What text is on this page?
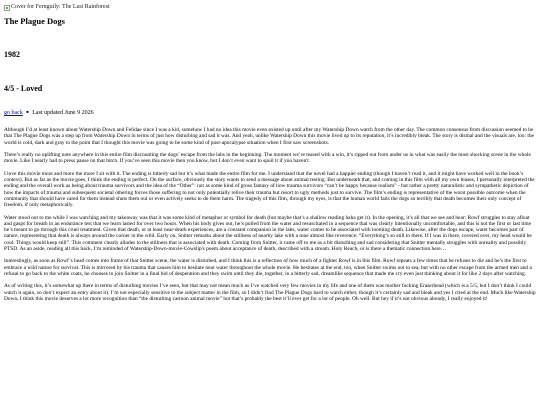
Cover for Fernguily: The Last Rainforest
The Plague Dogs
1982
4/5 - Loved
go back ■ Last updated June 9 2026

Although I’d at least known about Watership Down and Felidae since I was a kid, somehow I had no idea this movie even existed up until after my Watership Down watch from the other day. The common consensus from discussion seemed to be that The Plague Dogs was a step up from Watership Down in terms of just how disturbing and sad it was. And yeah, unlike Watership Down this movie lived up to its reputation, it’s incredibly bleak. The story is dismal and the visuals are, too: the world is cold, dark and gray to the point that I thought this movie was going to be some kind of post-apocalypse situation when I first saw screenshots.

There’s really no uplifting note anywhere in this entire film discounting the dogs’ escape from the labs in the beginning. The moment we’re teased with a win, it’s ripped out from under us in what was easily the most shocking scene in the whole movie. Like I nearly had to press pause on that bitch. If you’ve seen this movie then you know, but I don’t even want to spoil it if you haven't.

I love this movie more and more the more I sit with it. The ending is bitterly sad but it’s what made the entire film for me. I understand that the novel had a happier ending (though I haven’t read it, and it might have worked well in the book’s context). But as far as the movie goes, I think the ending is perfect. On the surface, obviously the story wants to send a message about animal testing. But underneath that, and coming in this film with all my own biases, I personally interpreted the ending and the overall work as being about trauma survivors and the idea of the “Other”: not as some kind of gross fantasy of how trauma survivors “can’t be happy because realism” - but rather a pretty naturalistic and sympathetic depiction of how the impacts of trauma and subsequent societal othering forces those suffering to not only potentially relive their trauma but resort to ugly methods just to survive. The film’s ending is representative of the worst possible outcome when the community that should have cared for them instead shuts them out or even actively seeks to do them harm. The tragedy of this film, through my eyes, is that the human world fails the dogs so terribly that death becomes their only concept of freedom, if only metaphorically.

Water stood out to me while I was watching and my takeaway was that it was some kind of metaphor or symbol for death (but maybe that’s a shallow reading haha get it). In the opening, it’s all that we see and hear: Rowf struggles to stay afloat and gasps for breath in an endurance test that we learn lasted for over two hours. When his body gives out, he’s pulled from the water and resuscitated in a sequence that was clearly intentionally uncomfortable, and this is not the first or last time he’s meant to go through this cruel treatment. Given that death, or at least near-death experiences, are a constant companion in the labs, water comes to be associated with looming death. Likewise, after the dogs escape, water becomes part of nature, representing that death is always around the corner in the wild. Early on, Snitter remarks about the stillness of nearby lake with a tone almost like reverence: “Everything’s so still in there. If I was in there, covered over, my head would be cool. Things would keep still”. This comment clearly alludes to the stillness that is associated with death. Coming from Snitter, it came off to me as a bit disturbing and sad considering that Snitter mentally struggles with unreality and possibly PTSD. As an aside, reading all this back, I’m reminded of Watership-Down-movie-Cowslip's poem about acceptance of death, described with a stream. Holy Reach, or is there a thematic connection here…

Interestingly, as soon as Rowf’s head comes into frame of that Snitter scene, the water is disturbed, and I think this is a reflection of how much of a fighter Rowf is in this film. Rowf repeats a few times that he refuses to die and he’s the first to embrace a wild nature for survival. This is mirrored by his trauma that causes him to hesitate near water throughout the whole movie. He hesitates at the end, too, when Snitter swims out to sea, but with no other escape from the armed men and a refusal to go back to the white coats, he chooses to join Snitter in a final bid of desperation and they swim until they die, together, in a bitterly sad, dreamlike sequence that made me cry even just thinking about it for like 2 days after watching.

As of writing this, it’s somewhat up there in terms of disturbing movies I’ve seen, but that may not mean much as I’ve watched very few movies in my life and one of them was mother fucking Eraserhead (which is a 5/5, but I don’t think I could watch it again, so don’t expect an entry about it). I’m not especially sensitive to the subject matter in the film, so I didn’t find The Plague Dogs hard to watch either, though it’s certainly sad and bleak and yes I cried at the end. Much like Watership Down, I think this movie deserves a lot more recognition than “the disturbing cartoon animal movie” but that’s probably the best it’ll ever get for a lot of people. Oh well. But hey if it’s not obvious already, I really enjoyed it!
